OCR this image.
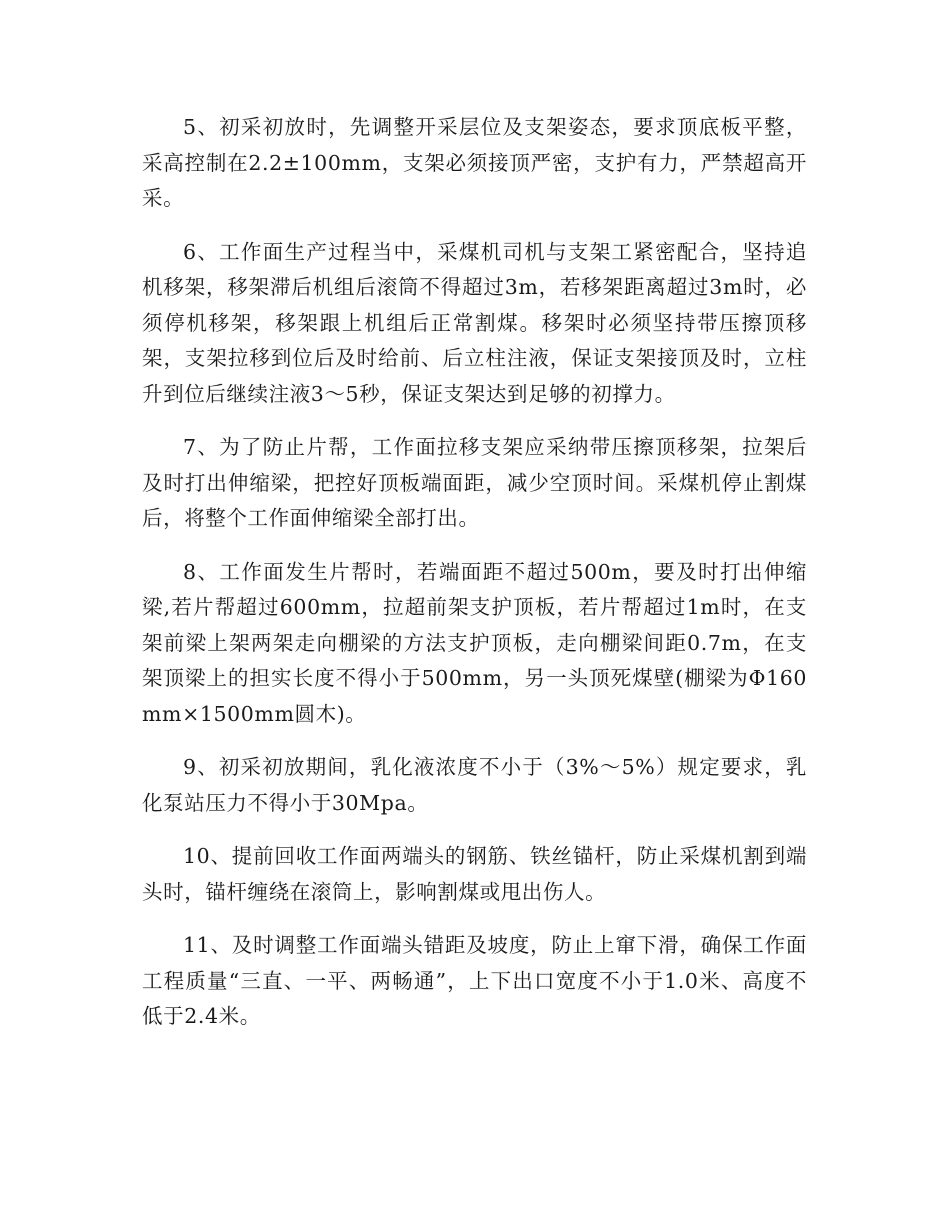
5、初采初放时，先调整开采层位及支架姿态，要求顶底板平整，采高控制在2.2±100mm，支架必须接顶严密，支护有力，严禁超高开采。

6、工作面生产过程当中，采煤机司机与支架工紧密配合，坚持追机移架，移架滞后机组后滚筒不得超过3m，若移架距离超过3m时，必须停机移架，移架跟上机组后正常割煤。移架时必须坚持带压擦顶移架，支架拉移到位后及时给前、后立柱注液，保证支架接顶及时，立柱升到位后继续注液3～5秒，保证支架达到足够的初撑力。

7、为了防止片帮，工作面拉移支架应采纳带压擦顶移架，拉架后及时打出伸缩梁，把控好顶板端面距，减少空顶时间。采煤机停止割煤后，将整个工作面伸缩梁全部打出。

8、工作面发生片帮时，若端面距不超过500m，要及时打出伸缩梁,若片帮超过600mm，拉超前架支护顶板，若片帮超过1m时，在支架前梁上架两架走向棚梁的方法支护顶板，走向棚梁间距0.7m，在支架顶梁上的担实长度不得小于500mm，另一头顶死煤壁(棚梁为Φ160mm×1500mm圆木)。

9、初采初放期间，乳化液浓度不小于（3%～5%）规定要求，乳化泵站压力不得小于30Mpa。

10、提前回收工作面两端头的钢筋、铁丝锚杆，防止采煤机割到端头时，锚杆缠绕在滚筒上，影响割煤或甩出伤人。

11、及时调整工作面端头错距及坡度，防止上窜下滑，确保工作面工程质量“三直、一平、两畅通”，上下出口宽度不小于1.0米、高度不低于2.4米。
